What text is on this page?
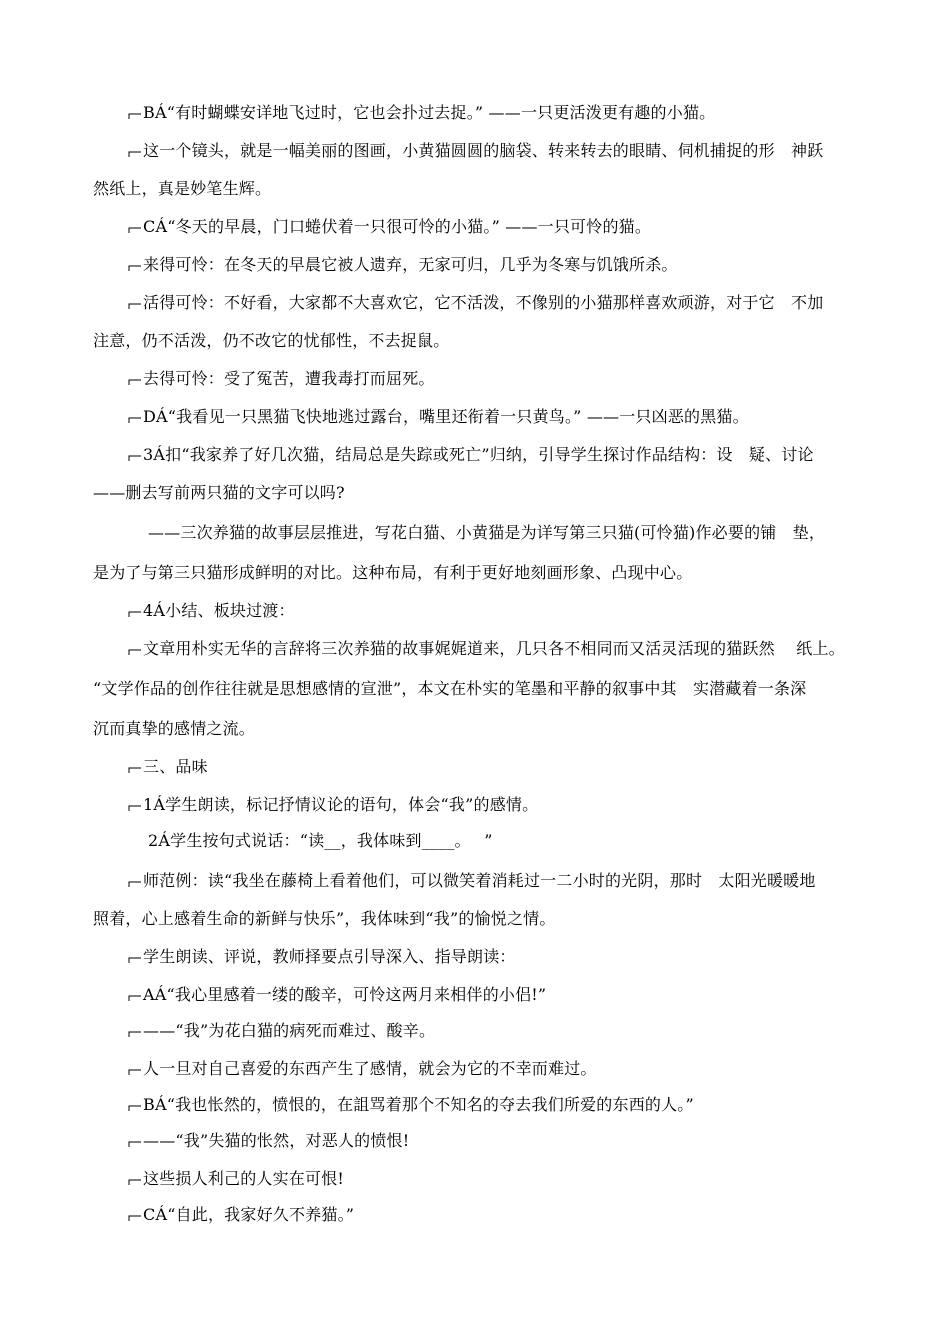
BÁ“有时蝴蝶安详地飞过时，它也会扑过去捉。” ——一只更活泼更有趣的小猫。
这一个镜头，就是一幅美丽的图画，小黄猫圆圆的脑袋、转来转去的眼睛、伺机捕捉的形　神跃
然纸上，真是妙笔生辉。
CÁ“冬天的早晨，门口蜷伏着一只很可怜的小猫。” ——一只可怜的猫。
来得可怜：在冬天的早晨它被人遗弃，无家可归，几乎为冬寒与饥饿所杀。
活得可怜：不好看，大家都不大喜欢它，它不活泼，不像别的小猫那样喜欢顽游，对于它　不加
注意，仍不活泼，仍不改它的忧郁性，不去捉鼠。
去得可怜：受了冤苦，遭我毒打而屈死。
DÁ“我看见一只黑猫飞快地逃过露台，嘴里还衔着一只黄鸟。” ——一只凶恶的黑猫。
3Á扣“我家养了好几次猫，结局总是失踪或死亡”归纳，引导学生探讨作品结构：设　疑、讨论
——删去写前两只猫的文字可以吗?
——三次养猫的故事层层推进，写花白猫、小黄猫是为详写第三只猫(可怜猫)作必要的铺　垫，
是为了与第三只猫形成鲜明的对比。这种布局，有利于更好地刻画形象、凸现中心。
4Á小结、板块过渡：
文章用朴实无华的言辞将三次养猫的故事娓娓道来，几只各不相同而又活灵活现的猫跃然　 纸上。
“文学作品的创作往往就是思想感情的宣泄”，本文在朴实的笔墨和平静的叙事中其　实潜藏着一条深
沉而真挚的感情之流。
三、品味
1Á学生朗读，标记抒情议论的语句，体会“我”的感情。
2Á学生按句式说话：“读__，我体味到____。　 ”
师范例：读“我坐在藤椅上看着他们，可以微笑着消耗过一二小时的光阴，那时　太阳光暖暖地
照着，心上感着生命的新鲜与快乐”，我体味到“我”的愉悦之情。
学生朗读、评说，教师择要点引导深入、指导朗读：
AÁ“我心里感着一缕的酸辛，可怜这两月来相伴的小侣!”
——“我”为花白猫的病死而难过、酸辛。
人一旦对自己喜爱的东西产生了感情，就会为它的不幸而难过。
BÁ“我也怅然的，愤恨的，在詛骂着那个不知名的夺去我们所爱的东西的人。”
——“我”失猫的怅然，对恶人的愤恨!
这些损人利己的人实在可恨!
CÁ“自此，我家好久不养猫。”
